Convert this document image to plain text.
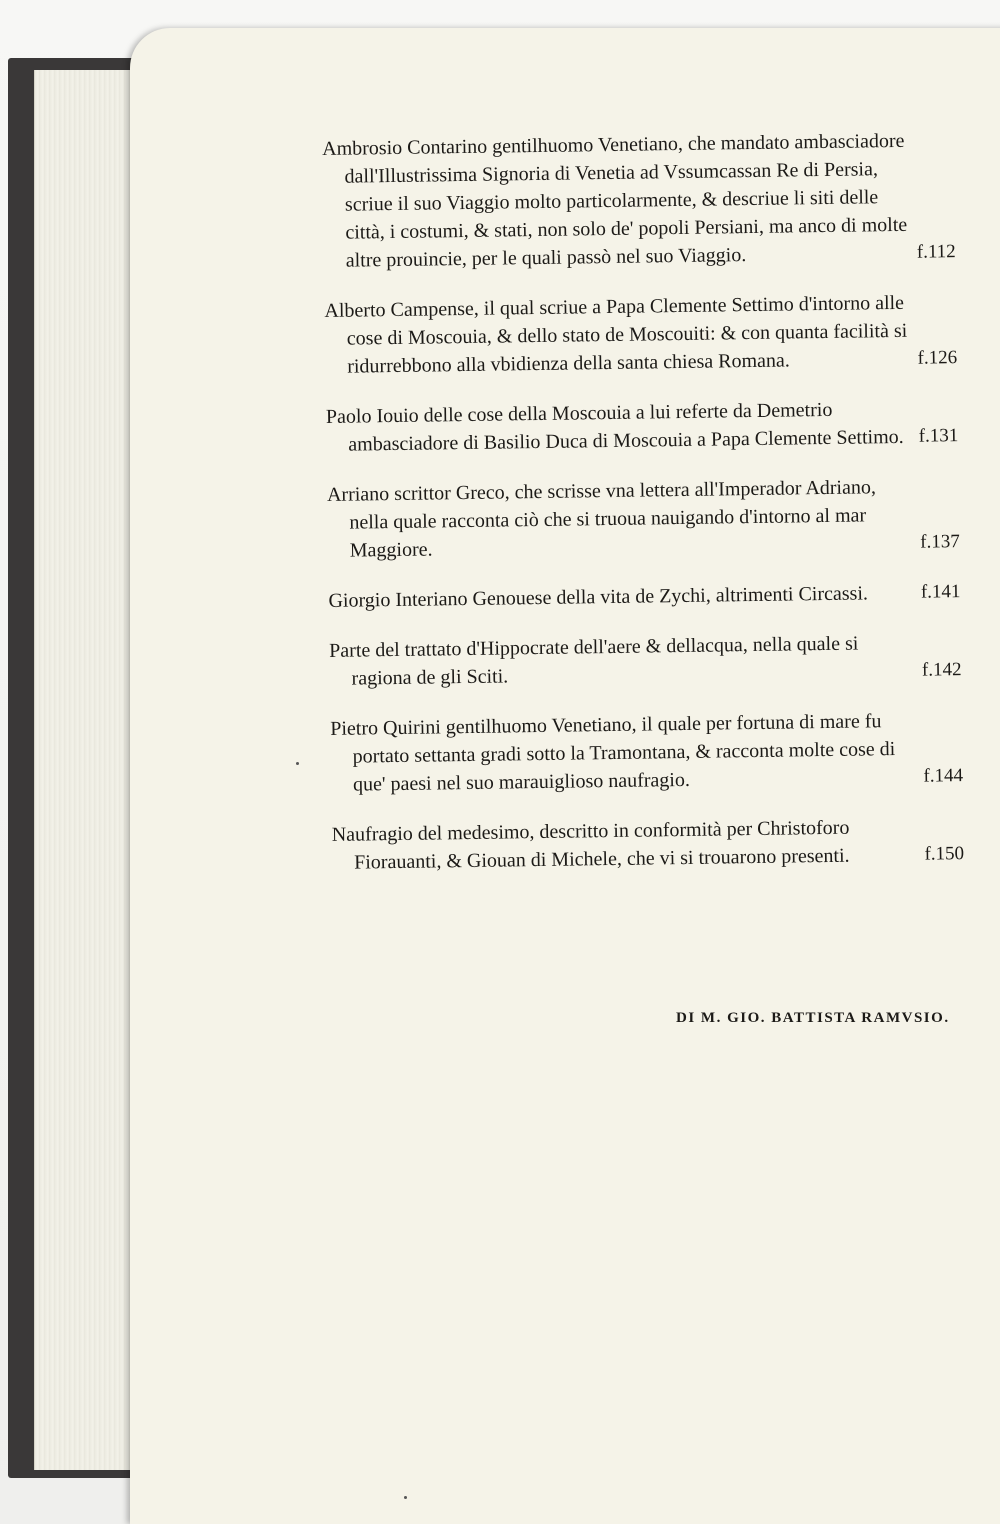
Ambrosio Contarino gentilhuomo Venetiano, che mandato ambasciadore dall'Illustrissima Signoria di Venetia ad Vssumcassan Re di Persia, scriue il suo Viaggio molto particolarmente, & descriue li siti delle città, i costumi, & stati, non solo de' popoli Persiani, ma anco di molte altre prouincie, per le quali passò nel suo Viaggio.	f.112
Alberto Campense, il qual scriue a Papa Clemente Settimo d'intorno alle cose di Moscouia, & dello stato de Moscouiti: & con quanta facilità si ridurrebbono alla vbidienza della santa chiesa Romana.	f.126
Paolo Iouio delle cose della Moscouia a lui referte da Demetrio ambasciadore di Basilio Duca di Moscouia a Papa Clemente Settimo. f.131
Arriano scrittor Greco, che scrisse vna lettera all'Imperador Adriano, nella quale racconta ciò che si truoua nauigando d'intorno al mar Maggiore.	f.137
Giorgio Interiano Genouese della vita de Zychi, altrimenti Circassi.	f.141
Parte del trattato d'Hippocrate dell'aere & dellacqua, nella quale si ragiona de gli Sciti.	f.142
Pietro Quirini gentilhuomo Venetiano, il quale per fortuna di mare fu portato settanta gradi sotto la Tramontana, & racconta molte cose di que' paesi nel suo marauiglioso naufragio.	f.144
Naufragio del medesimo, descritto in conformità per Christoforo Fiorauanti, & Giouan di Michele, che vi si trouarono presenti.	f.150
DI M. GIO. BATTISTA RAMVSIO.
